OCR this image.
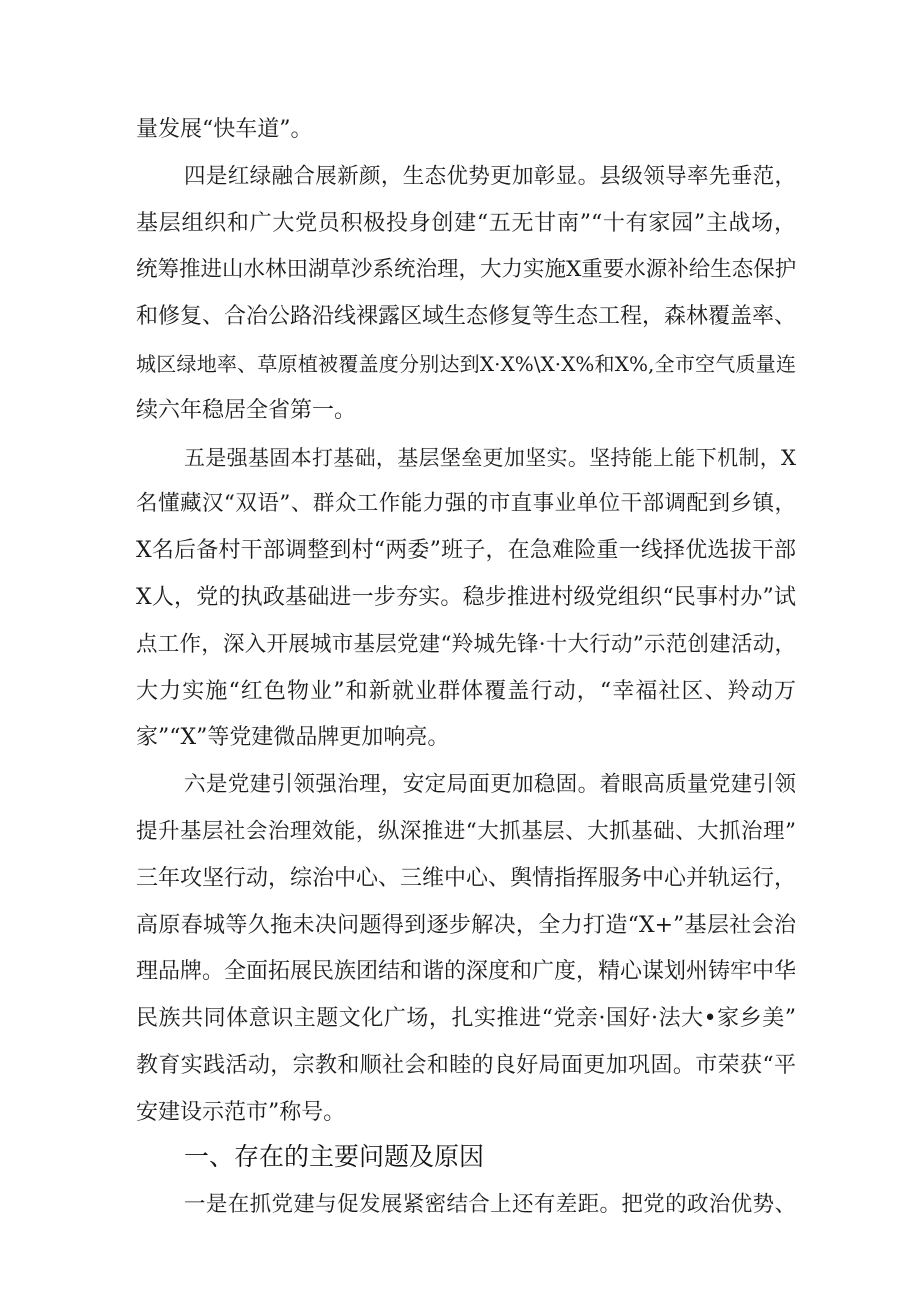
量发展“快车道”。
四是红绿融合展新颜，生态优势更加彰显。县级领导率先垂范，
基层组织和广大党员积极投身创建“五无甘南”“十有家园”主战场，
统筹推进山水林田湖草沙系统治理，大力实施X重要水源补给生态保护
和修复、合冶公路沿线裸露区域生态修复等生态工程，森林覆盖率、
城区绿地率、草原植被覆盖度分别达到X·X%\X·X%和X%,全市空气质量连
续六年稳居全省第一。
五是强基固本打基础，基层堡垒更加坚实。坚持能上能下机制，X
名懂藏汉“双语”、群众工作能力强的市直事业单位干部调配到乡镇，
X名后备村干部调整到村“两委”班子，在急难险重一线择优选拔干部
X人，党的执政基础进一步夯实。稳步推进村级党组织“民事村办”试
点工作，深入开展城市基层党建“羚城先锋·十大行动”示范创建活动，
大力实施“红色物业”和新就业群体覆盖行动，“幸福社区、羚动万
家”“X”等党建微品牌更加响亮。
六是党建引领强治理，安定局面更加稳固。着眼高质量党建引领
提升基层社会治理效能，纵深推进“大抓基层、大抓基础、大抓治理”
三年攻坚行动，综治中心、三维中心、舆情指挥服务中心并轨运行，
高原春城等久拖未决问题得到逐步解决，全力打造“X+”基层社会治
理品牌。全面拓展民族团结和谐的深度和广度，精心谋划州铸牢中华
民族共同体意识主题文化广场，扎实推进“党亲·国好·法大•家乡美”
教育实践活动，宗教和顺社会和睦的良好局面更加巩固。市荣获“平
安建设示范市”称号。
一、存在的主要问题及原因
一是在抓党建与促发展紧密结合上还有差距。把党的政治优势、
